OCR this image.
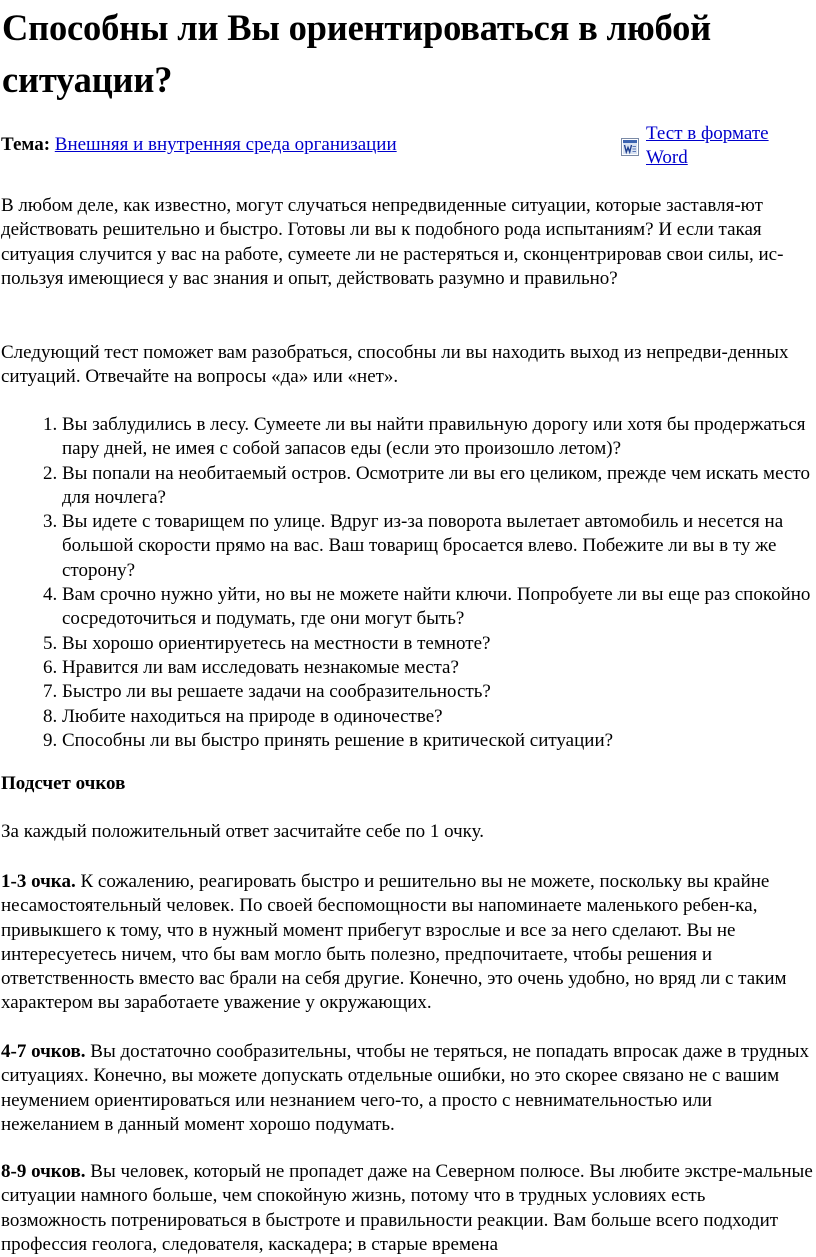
Способны ли Вы ориентироваться в любой ситуации?
Тема: Внешняя и внутренняя среда организации
Тест в формате Word

В любом деле, как известно, могут случаться непредвиденные ситуации, которые заставля-ют действовать решительно и быстро. Готовы ли вы к подобного рода испытаниям? И если такая ситуация случится у вас на работе, сумеете ли не растеряться и, сконцентрировав свои силы, ис-пользуя имеющиеся у вас знания и опыт, действовать разумно и правильно?

Следующий тест поможет вам разобраться, способны ли вы находить выход из непредви-денных ситуаций. Отвечайте на вопросы «да» или «нет».

1. Вы заблудились в лесу. Сумеете ли вы найти правильную дорогу или хотя бы продержаться пару дней, не имея с собой запасов еды (если это произошло летом)?
2. Вы попали на необитаемый остров. Осмотрите ли вы его целиком, прежде чем искать место для ночлега?
3. Вы идете с товарищем по улице. Вдруг из-за поворота вылетает автомобиль и несется на большой скорости прямо на вас. Ваш товарищ бросается влево. Побежите ли вы в ту же сторону?
4. Вам срочно нужно уйти, но вы не можете найти ключи. Попробуете ли вы еще раз спокойно сосредоточиться и подумать, где они могут быть?
5. Вы хорошо ориентируетесь на местности в темноте?
6. Нравится ли вам исследовать незнакомые места?
7. Быстро ли вы решаете задачи на сообразительность?
8. Любите находиться на природе в одиночестве?
9. Способны ли вы быстро принять решение в критической ситуации?
Подсчет очков

За каждый положительный ответ засчитайте себе по 1 очку.

1-3 очка. К сожалению, реагировать быстро и решительно вы не можете, поскольку вы крайне несамостоятельный человек. По своей беспомощности вы напоминаете маленького ребен-ка, привыкшего к тому, что в нужный момент прибегут взрослые и все за него сделают. Вы не интересуетесь ничем, что бы вам могло быть полезно, предпочитаете, чтобы решения и ответственность вместо вас брали на себя другие. Конечно, это очень удобно, но вряд ли с таким характером вы заработаете уважение у окружающих.

4-7 очков. Вы достаточно сообразительны, чтобы не теряться, не попадать впросак даже в трудных ситуациях. Конечно, вы можете допускать отдельные ошибки, но это скорее связано не с вашим неумением ориентироваться или незнанием чего-то, а просто с невнимательностью или нежеланием в данный момент хорошо подумать.

8-9 очков. Вы человек, который не пропадет даже на Северном полюсе. Вы любите экстре-мальные ситуации намного больше, чем спокойную жизнь, потому что в трудных условиях есть возможность потренироваться в быстроте и правильности реакции. Вам больше всего подходит профессия геолога, следователя, каскадера; в старые времена
